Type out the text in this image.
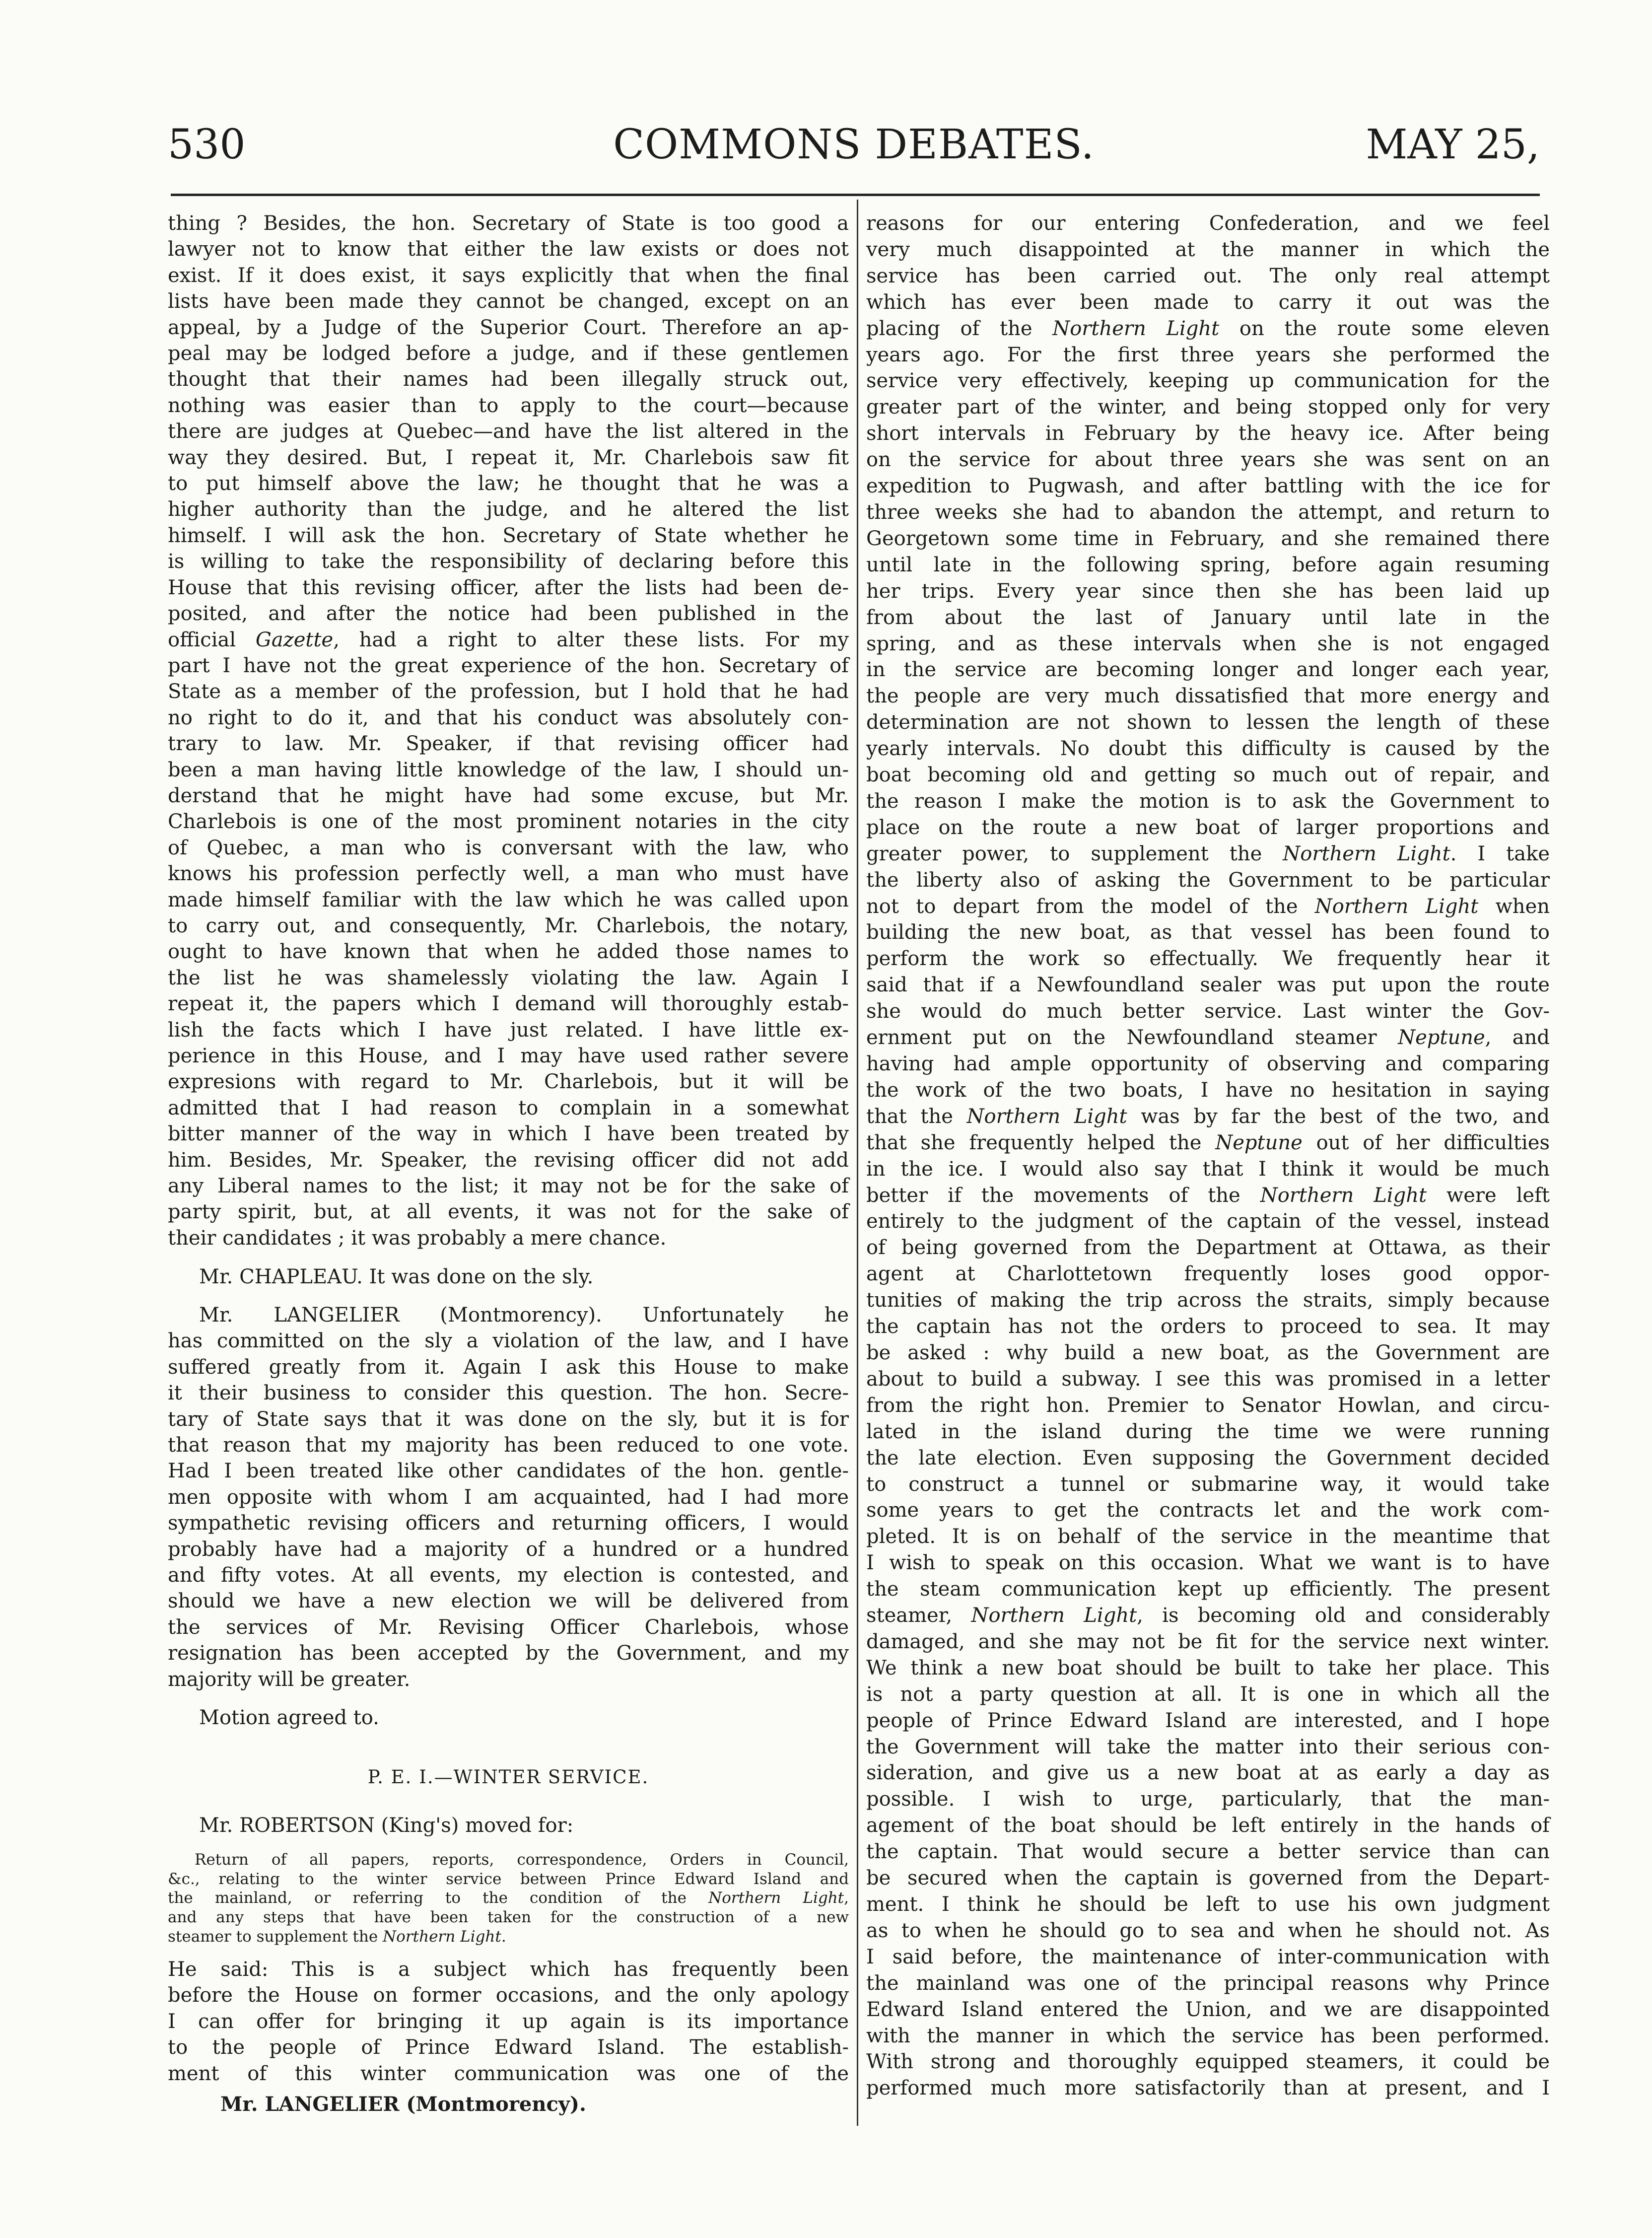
530	COMMONS DEBATES.	MAY 25,
thing ? Besides, the hon. Secretary of State is too good a
lawyer not to know that either the law exists or does not
exist. If it does exist, it says explicitly that when the final
lists have been made they cannot be changed, except on an
appeal, by a Judge of the Superior Court. Therefore an ap-
peal may be lodged before a judge, and if these gentlemen
thought that their names had been illegally struck out,
nothing was easier than to apply to the court—because
there are judges at Quebec—and have the list altered in the
way they desired. But, I repeat it, Mr. Charlebois saw fit
to put himself above the law; he thought that he was a
higher authority than the judge, and he altered the list
himself. I will ask the hon. Secretary of State whether he
is willing to take the responsibility of declaring before this
House that this revising officer, after the lists had been de-
posited, and after the notice had been published in the
official Gazette, had a right to alter these lists. For my
part I have not the great experience of the hon. Secretary of
State as a member of the profession, but I hold that he had
no right to do it, and that his conduct was absolutely con-
trary to law. Mr. Speaker, if that revising officer had
been a man having little knowledge of the law, I should un-
derstand that he might have had some excuse, but Mr.
Charlebois is one of the most prominent notaries in the city
of Quebec, a man who is conversant with the law, who
knows his profession perfectly well, a man who must have
made himself familiar with the law which he was called upon
to carry out, and consequently, Mr. Charlebois, the notary,
ought to have known that when he added those names to
the list he was shamelessly violating the law. Again I
repeat it, the papers which I demand will thoroughly estab-
lish the facts which I have just related. I have little ex-
perience in this House, and I may have used rather severe
expresions with regard to Mr. Charlebois, but it will be
admitted that I had reason to complain in a somewhat
bitter manner of the way in which I have been treated by
him. Besides, Mr. Speaker, the revising officer did not add
any Liberal names to the list; it may not be for the sake of
party spirit, but, at all events, it was not for the sake of
their candidates ; it was probably a mere chance.
Mr. CHAPLEAU. It was done on the sly.
Mr. LANGELIER (Montmorency). Unfortunately he
has committed on the sly a violation of the law, and I have
suffered greatly from it. Again I ask this House to make
it their business to consider this question. The hon. Secre-
tary of State says that it was done on the sly, but it is for
that reason that my majority has been reduced to one vote.
Had I been treated like other candidates of the hon. gentle-
men opposite with whom I am acquainted, had I had more
sympathetic revising officers and returning officers, I would
probably have had a majority of a hundred or a hundred
and fifty votes. At all events, my election is contested, and
should we have a new election we will be delivered from
the services of Mr. Revising Officer Charlebois, whose
resignation has been accepted by the Government, and my
majority will be greater.
Motion agreed to.
P. E. I.—WINTER SERVICE.
Mr. ROBERTSON (King's) moved for:
Return of all papers, reports, correspondence, Orders in Council,
&c., relating to the winter service between Prince Edward Island and
the mainland, or referring to the condition of the Northern Light,
and any steps that have been taken for the construction of a new
steamer to supplement the Northern Light.
He said: This is a subject which has frequently been
before the House on former occasions, and the only apology
I can offer for bringing it up again is its importance
to the people of Prince Edward Island. The establish-
ment of this winter communication was one of the
Mr. LANGELIER (Montmorency).
reasons for our entering Confederation, and we feel
very much disappointed at the manner in which the
service has been carried out. The only real attempt
which has ever been made to carry it out was the
placing of the Northern Light on the route some eleven
years ago. For the first three years she performed the
service very effectively, keeping up communication for the
greater part of the winter, and being stopped only for very
short intervals in February by the heavy ice. After being
on the service for about three years she was sent on an
expedition to Pugwash, and after battling with the ice for
three weeks she had to abandon the attempt, and return to
Georgetown some time in February, and she remained there
until late in the following spring, before again resuming
her trips. Every year since then she has been laid up
from about the last of January until late in the
spring, and as these intervals when she is not engaged
in the service are becoming longer and longer each year,
the people are very much dissatisfied that more energy and
determination are not shown to lessen the length of these
yearly intervals. No doubt this difficulty is caused by the
boat becoming old and getting so much out of repair, and
the reason I make the motion is to ask the Government to
place on the route a new boat of larger proportions and
greater power, to supplement the Northern Light. I take
the liberty also of asking the Government to be particular
not to depart from the model of the Northern Light when
building the new boat, as that vessel has been found to
perform the work so effectually. We frequently hear it
said that if a Newfoundland sealer was put upon the route
she would do much better service. Last winter the Gov-
ernment put on the Newfoundland steamer Neptune, and
having had ample opportunity of observing and comparing
the work of the two boats, I have no hesitation in saying
that the Northern Light was by far the best of the two, and
that she frequently helped the Neptune out of her difficulties
in the ice. I would also say that I think it would be much
better if the movements of the Northern Light were left
entirely to the judgment of the captain of the vessel, instead
of being governed from the Department at Ottawa, as their
agent at Charlottetown frequently loses good oppor-
tunities of making the trip across the straits, simply because
the captain has not the orders to proceed to sea. It may
be asked : why build a new boat, as the Government are
about to build a subway. I see this was promised in a letter
from the right hon. Premier to Senator Howlan, and circu-
lated in the island during the time we were running
the late election. Even supposing the Government decided
to construct a tunnel or submarine way, it would take
some years to get the contracts let and the work com-
pleted. It is on behalf of the service in the meantime that
I wish to speak on this occasion. What we want is to have
the steam communication kept up efficiently. The present
steamer, Northern Light, is becoming old and considerably
damaged, and she may not be fit for the service next winter.
We think a new boat should be built to take her place. This
is not a party question at all. It is one in which all the
people of Prince Edward Island are interested, and I hope
the Government will take the matter into their serious con-
sideration, and give us a new boat at as early a day as
possible. I wish to urge, particularly, that the man-
agement of the boat should be left entirely in the hands of
the captain. That would secure a better service than can
be secured when the captain is governed from the Depart-
ment. I think he should be left to use his own judgment
as to when he should go to sea and when he should not. As
I said before, the maintenance of inter-communication with
the mainland was one of the principal reasons why Prince
Edward Island entered the Union, and we are disappointed
with the manner in which the service has been performed.
With strong and thoroughly equipped steamers, it could be
performed much more satisfactorily than at present, and I
